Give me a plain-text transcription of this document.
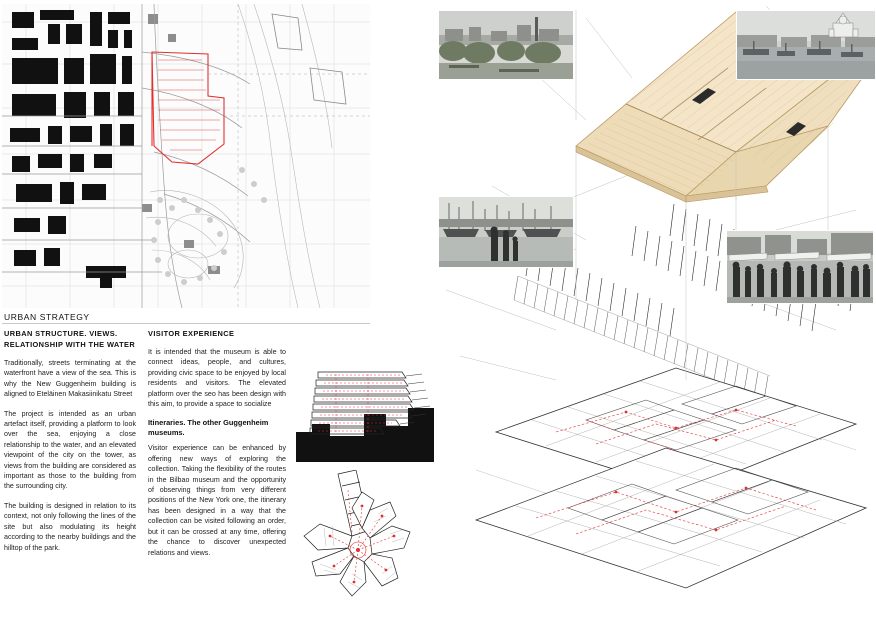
URBAN STRATEGY
URBAN STRUCTURE. VIEWS. RELATIONSHIP WITH THE WATER

Traditionally, streets terminating at the waterfront have a view of the sea. This is why the New Guggenheim building is aligned to Eteläinen Makasiinikatu Street

The project is intended as an urban artefact itself, providing a platform to look over the sea, enjoying a close relationship to the water, and an elevated viewpoint of the city on the tower, as views from the building are considered as important as those to the building from the surrounding city.

The building is designed in relation to its context, not only following the lines of the site but also modulating its height according to the nearby buildings and the hilltop of the park.

VISITOR EXPERIENCE

It is intended that the museum is able to connect ideas, people, and cultures, providing civic space to be enjoyed by local residents and visitors. The elevated platform over the seo has been design with this aim, to provide a space to socialize

Itineraries. The other Guggenheim museums.

Visitor experience can be enhanced by offering new ways of exploring the collection. Taking the flexibility of the routes in the Bilbao museum and the opportunity of observing things from very different positions of the New York one, the itinerary has been designed in a way that the collection can be visited following an order, but it can be crossed at any time, offering the chance to discover unexpected relations and views.
